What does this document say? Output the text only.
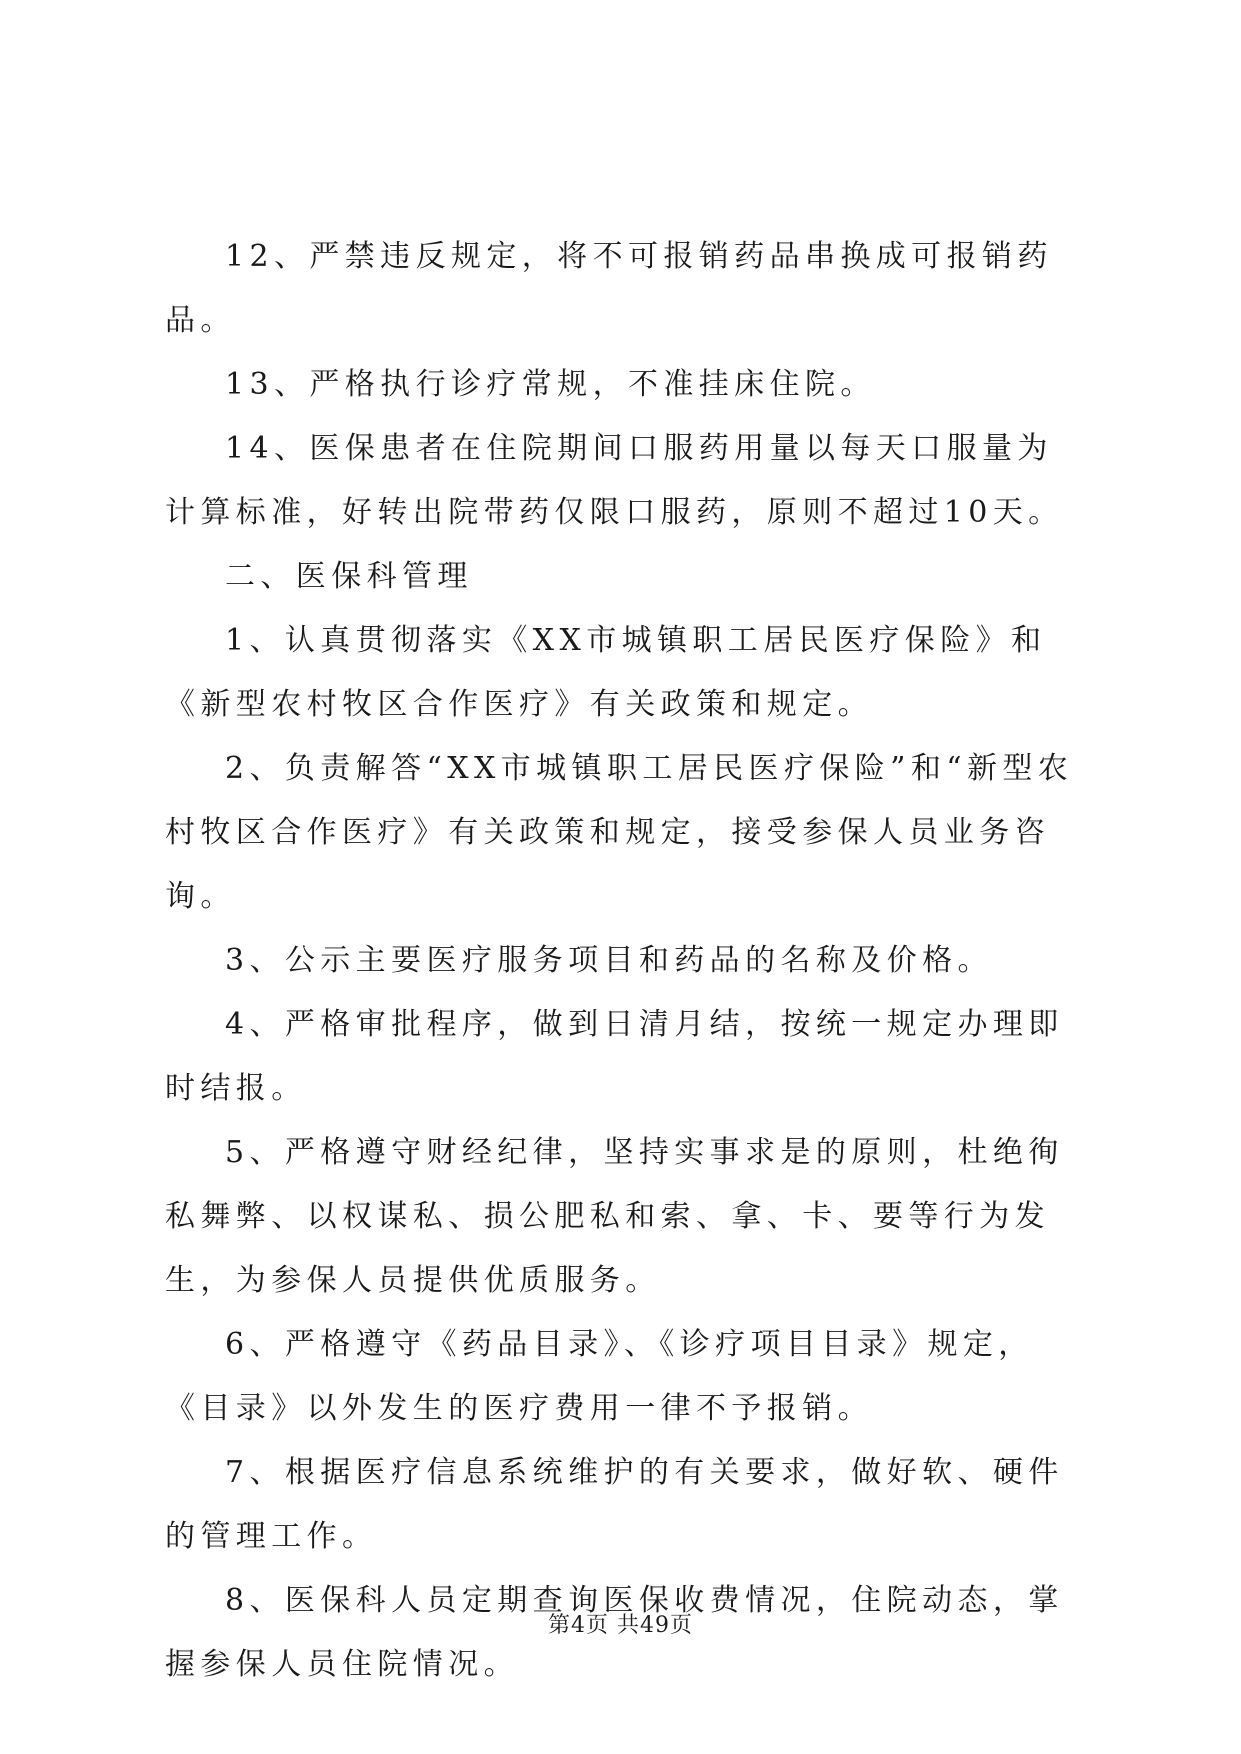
12、严禁违反规定，将不可报销药品串换成可报销药品。

13、严格执行诊疗常规，不准挂床住院。

14、医保患者在住院期间口服药用量以每天口服量为计算标准，好转出院带药仅限口服药，原则不超过10天。

二、医保科管理

1、认真贯彻落实《XX市城镇职工居民医疗保险》和《新型农村牧区合作医疗》有关政策和规定。

2、负责解答“XX市城镇职工居民医疗保险”和“新型农村牧区合作医疗》有关政策和规定，接受参保人员业务咨询。

3、公示主要医疗服务项目和药品的名称及价格。

4、严格审批程序，做到日清月结，按统一规定办理即时结报。

5、严格遵守财经纪律，坚持实事求是的原则，杜绝徇私舞弊、以权谋私、损公肥私和索、拿、卡、要等行为发生，为参保人员提供优质服务。

6、严格遵守《药品目录》、《诊疗项目目录》规定，《目录》以外发生的医疗费用一律不予报销。

7、根据医疗信息系统维护的有关要求，做好软、硬件的管理工作。

8、医保科人员定期查询医保收费情况，住院动态，掌握参保人员住院情况。

第4页 共49页
